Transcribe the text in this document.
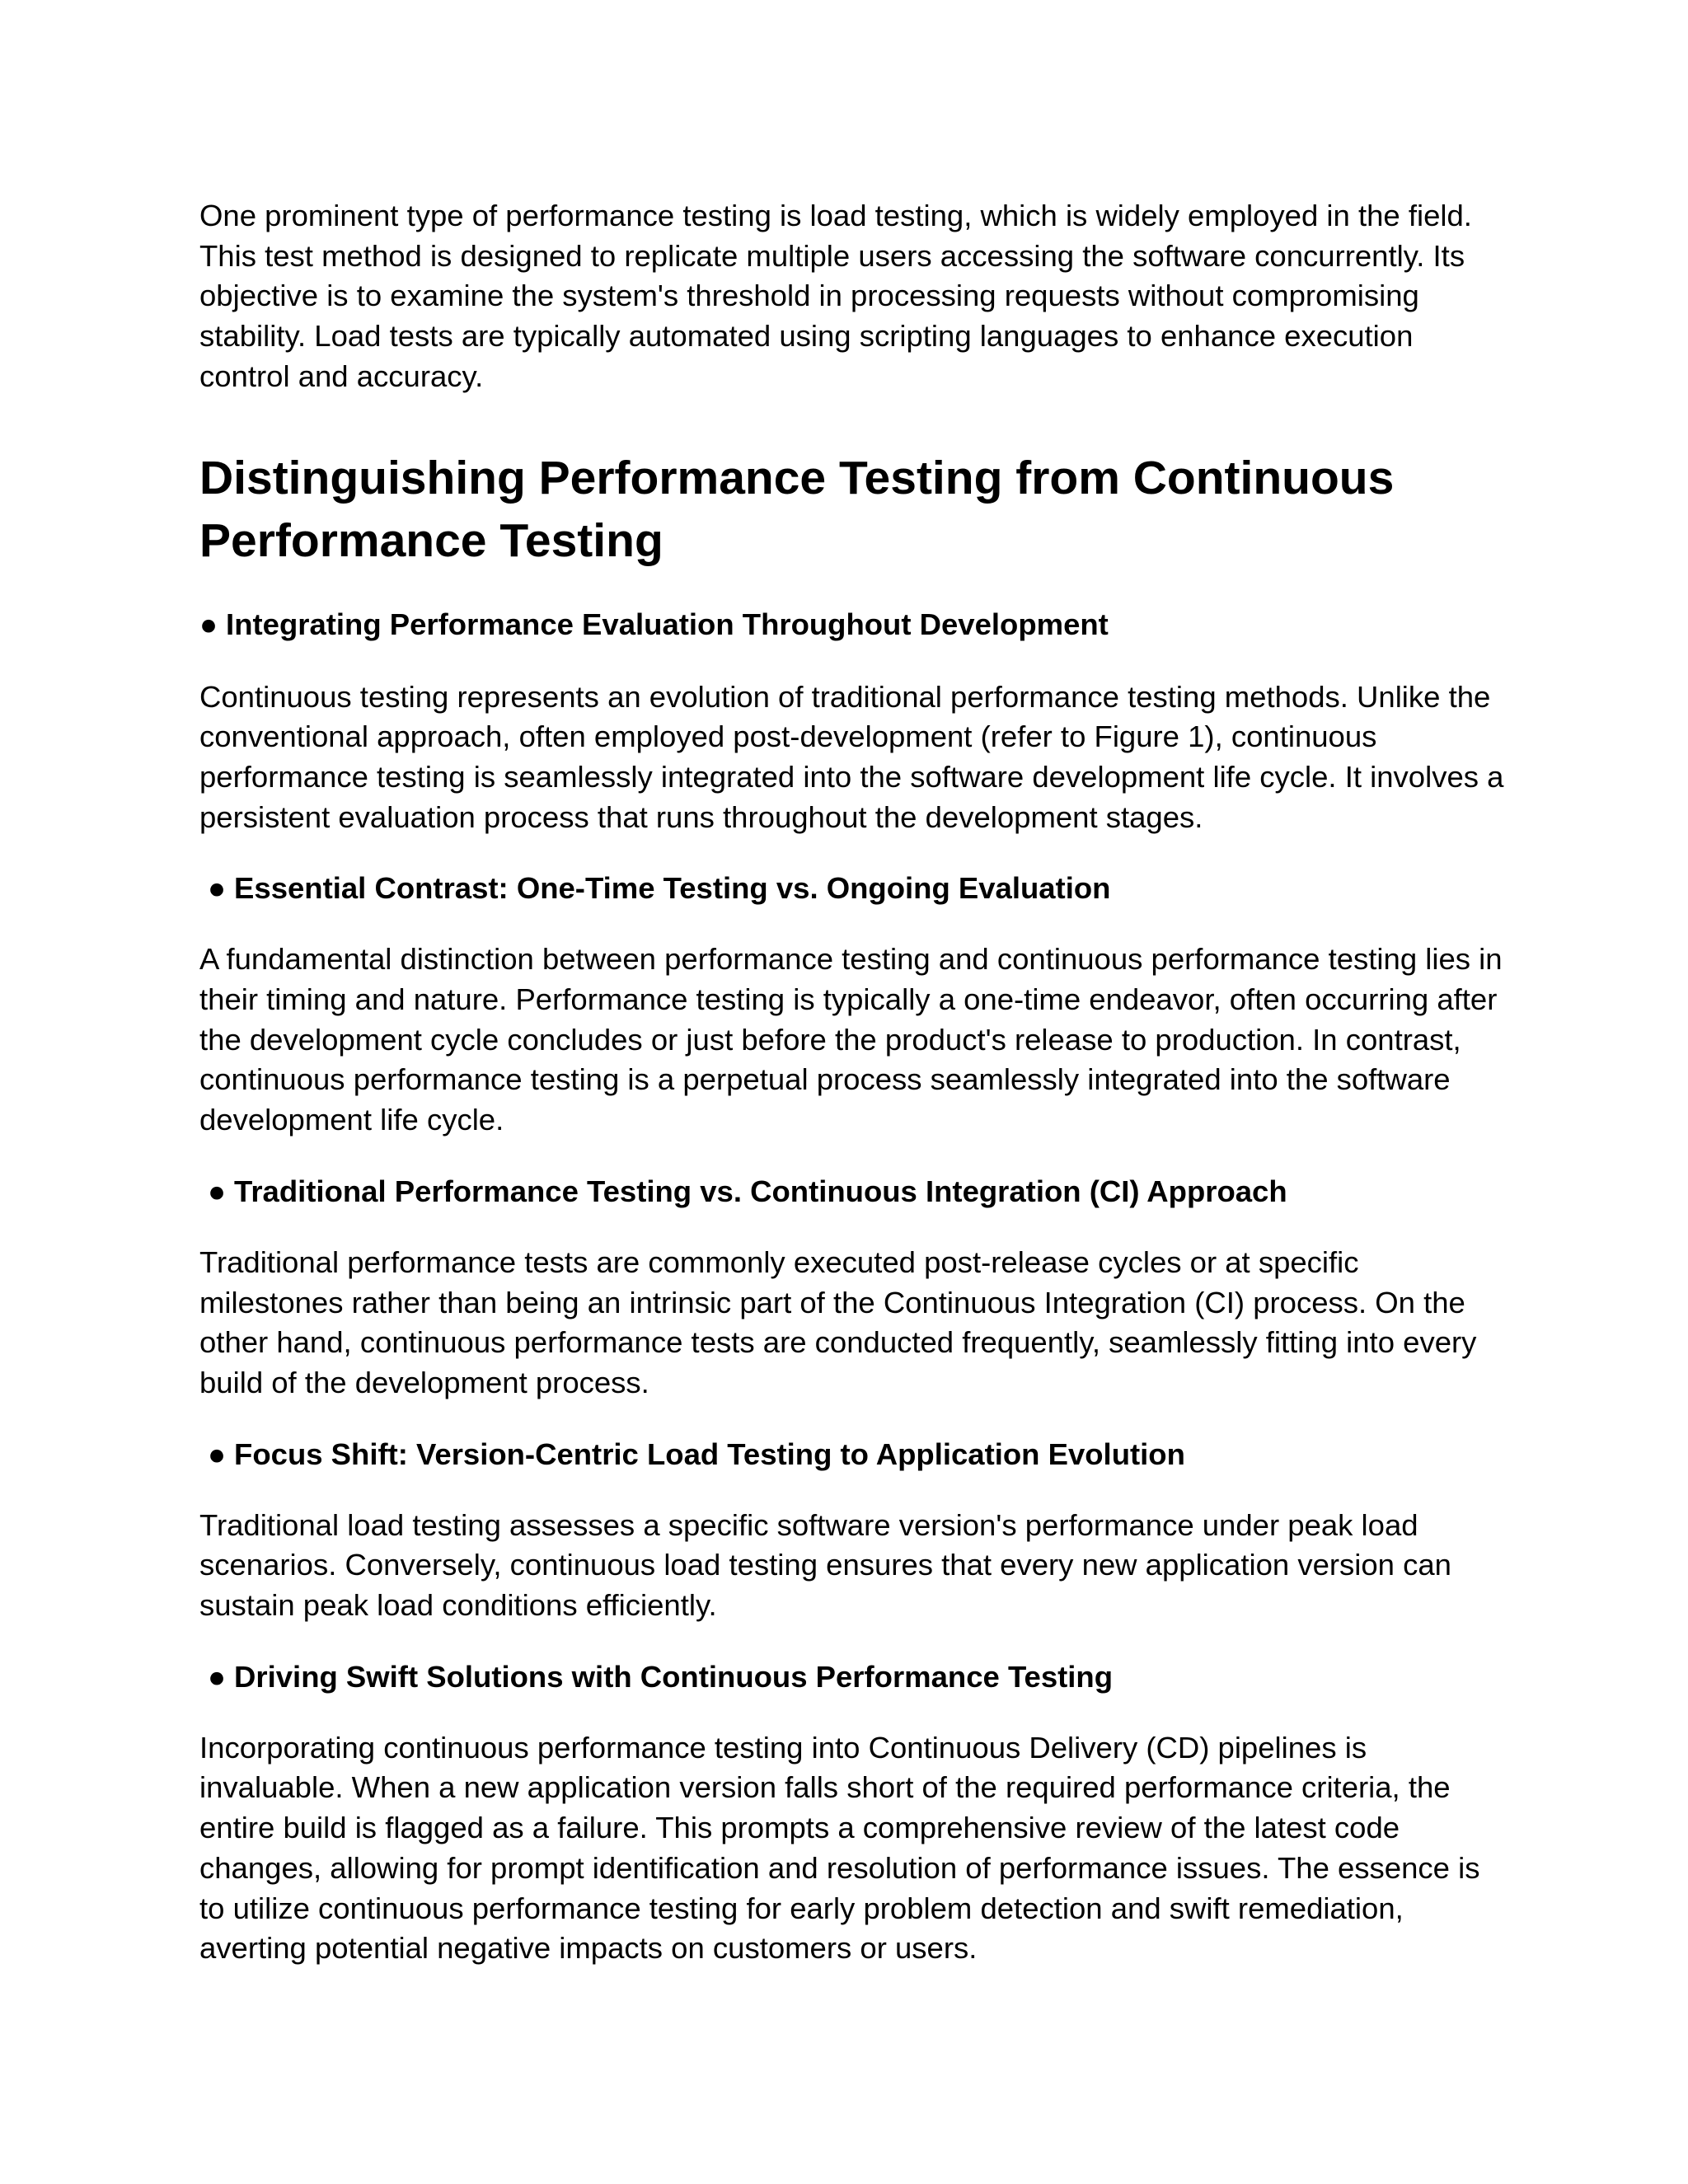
One prominent type of performance testing is load testing, which is widely employed in the field. This test method is designed to replicate multiple users accessing the software concurrently. Its objective is to examine the system's threshold in processing requests without compromising stability. Load tests are typically automated using scripting languages to enhance execution control and accuracy.

Distinguishing Performance Testing from Continuous Performance Testing
● Integrating Performance Evaluation Throughout Development

Continuous testing represents an evolution of traditional performance testing methods. Unlike the conventional approach, often employed post-development (refer to Figure 1), continuous performance testing is seamlessly integrated into the software development life cycle. It involves a persistent evaluation process that runs throughout the development stages.

● Essential Contrast: One-Time Testing vs. Ongoing Evaluation

A fundamental distinction between performance testing and continuous performance testing lies in their timing and nature. Performance testing is typically a one-time endeavor, often occurring after the development cycle concludes or just before the product's release to production. In contrast, continuous performance testing is a perpetual process seamlessly integrated into the software development life cycle.

● Traditional Performance Testing vs. Continuous Integration (CI) Approach

Traditional performance tests are commonly executed post-release cycles or at specific milestones rather than being an intrinsic part of the Continuous Integration (CI) process. On the other hand, continuous performance tests are conducted frequently, seamlessly fitting into every build of the development process.

● Focus Shift: Version-Centric Load Testing to Application Evolution

Traditional load testing assesses a specific software version's performance under peak load scenarios. Conversely, continuous load testing ensures that every new application version can sustain peak load conditions efficiently.

● Driving Swift Solutions with Continuous Performance Testing

Incorporating continuous performance testing into Continuous Delivery (CD) pipelines is invaluable. When a new application version falls short of the required performance criteria, the entire build is flagged as a failure. This prompts a comprehensive review of the latest code changes, allowing for prompt identification and resolution of performance issues. The essence is to utilize continuous performance testing for early problem detection and swift remediation, averting potential negative impacts on customers or users.
